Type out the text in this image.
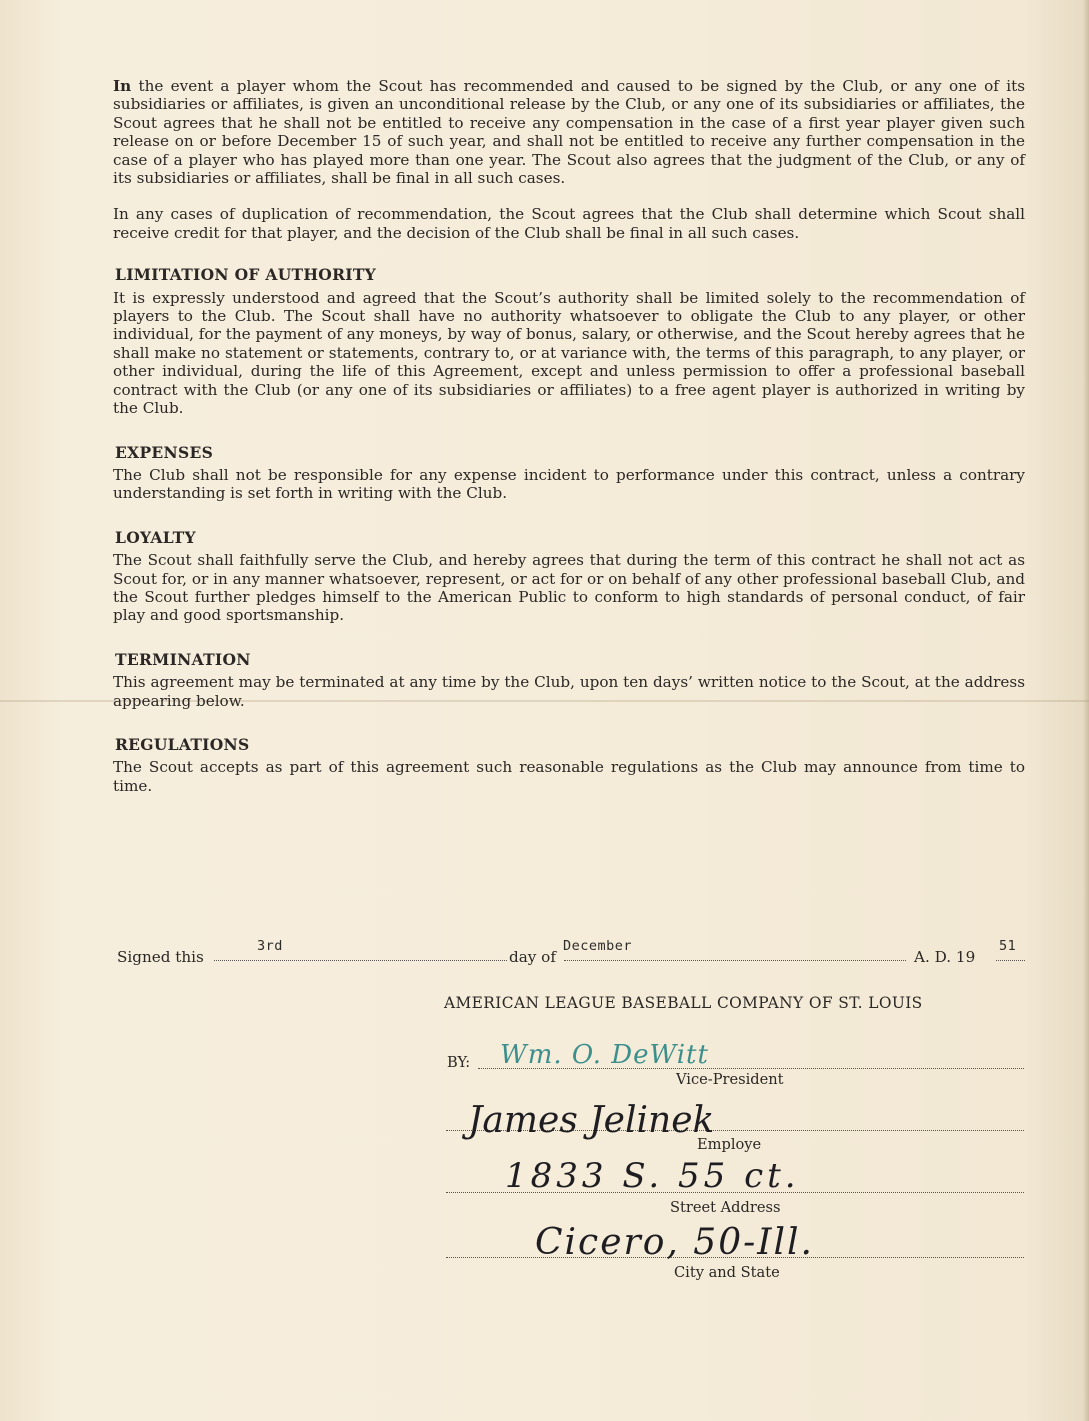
In the event a player whom the Scout has recommended and caused to be signed by the Club, or any one of its subsidiaries or affiliates, is given an unconditional release by the Club, or any one of its subsidiaries or affiliates, the Scout agrees that he shall not be entitled to receive any compensation in the case of a first year player given such release on or before December 15 of such year, and shall not be entitled to receive any further compensation in the case of a player who has played more than one year. The Scout also agrees that the judgment of the Club, or any of its subsidiaries or affiliates, shall be final in all such cases.

In any cases of duplication of recommendation, the Scout agrees that the Club shall determine which Scout shall receive credit for that player, and the decision of the Club shall be final in all such cases.

LIMITATION OF AUTHORITY

It is expressly understood and agreed that the Scout’s authority shall be limited solely to the recommendation of players to the Club. The Scout shall have no authority whatsoever to obligate the Club to any player, or other individual, for the payment of any moneys, by way of bonus, salary, or otherwise, and the Scout hereby agrees that he shall make no statement or statements, contrary to, or at variance with, the terms of this paragraph, to any player, or other individual, during the life of this Agreement, except and unless permission to offer a professional baseball contract with the Club (or any one of its subsidiaries or affiliates) to a free agent player is authorized in writing by the Club.

EXPENSES

The Club shall not be responsible for any expense incident to performance under this contract, unless a contrary understanding is set forth in writing with the Club.

LOYALTY

The Scout shall faithfully serve the Club, and hereby agrees that during the term of this contract he shall not act as Scout for, or in any manner whatsoever, represent, or act for or on behalf of any other professional baseball Club, and the Scout further pledges himself to the American Public to conform to high standards of personal conduct, of fair play and good sportsmanship.

TERMINATION

This agreement may be terminated at any time by the Club, upon ten days’ written notice to the Scout, at the address appearing below.

REGULATIONS

The Scout accepts as part of this agreement such reasonable regulations as the Club may announce from time to time.

Signed this
3rd
day of
December
A. D. 19
51
AMERICAN LEAGUE BASEBALL COMPANY OF ST. LOUIS
BY: Wm. O. DeWitt
Vice-President
James Jelinek
Employe
1833 S. 55 ct.
Street Address
Cicero, 50-Ill.
City and State
